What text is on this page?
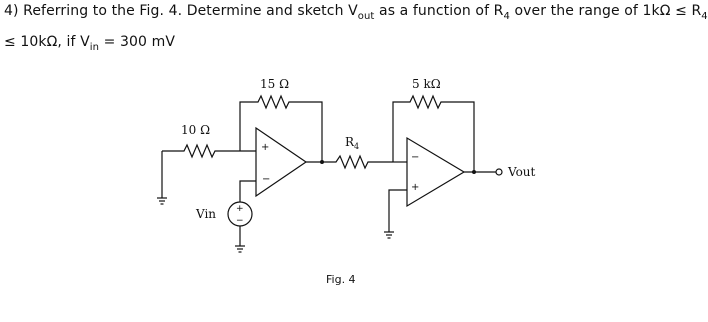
4) Referring to the Fig. 4. Determine and sketch $V_{out}$ as a function of $R_4$ over the range of $1k\Omega \le R_4$
≤ 10kΩ, if $V_{in} = 300$ mV
10 Ω
+
−
15 Ω
+
−
Vin
$R_4$
−
+
5 kΩ
Vout
Fig. 4
